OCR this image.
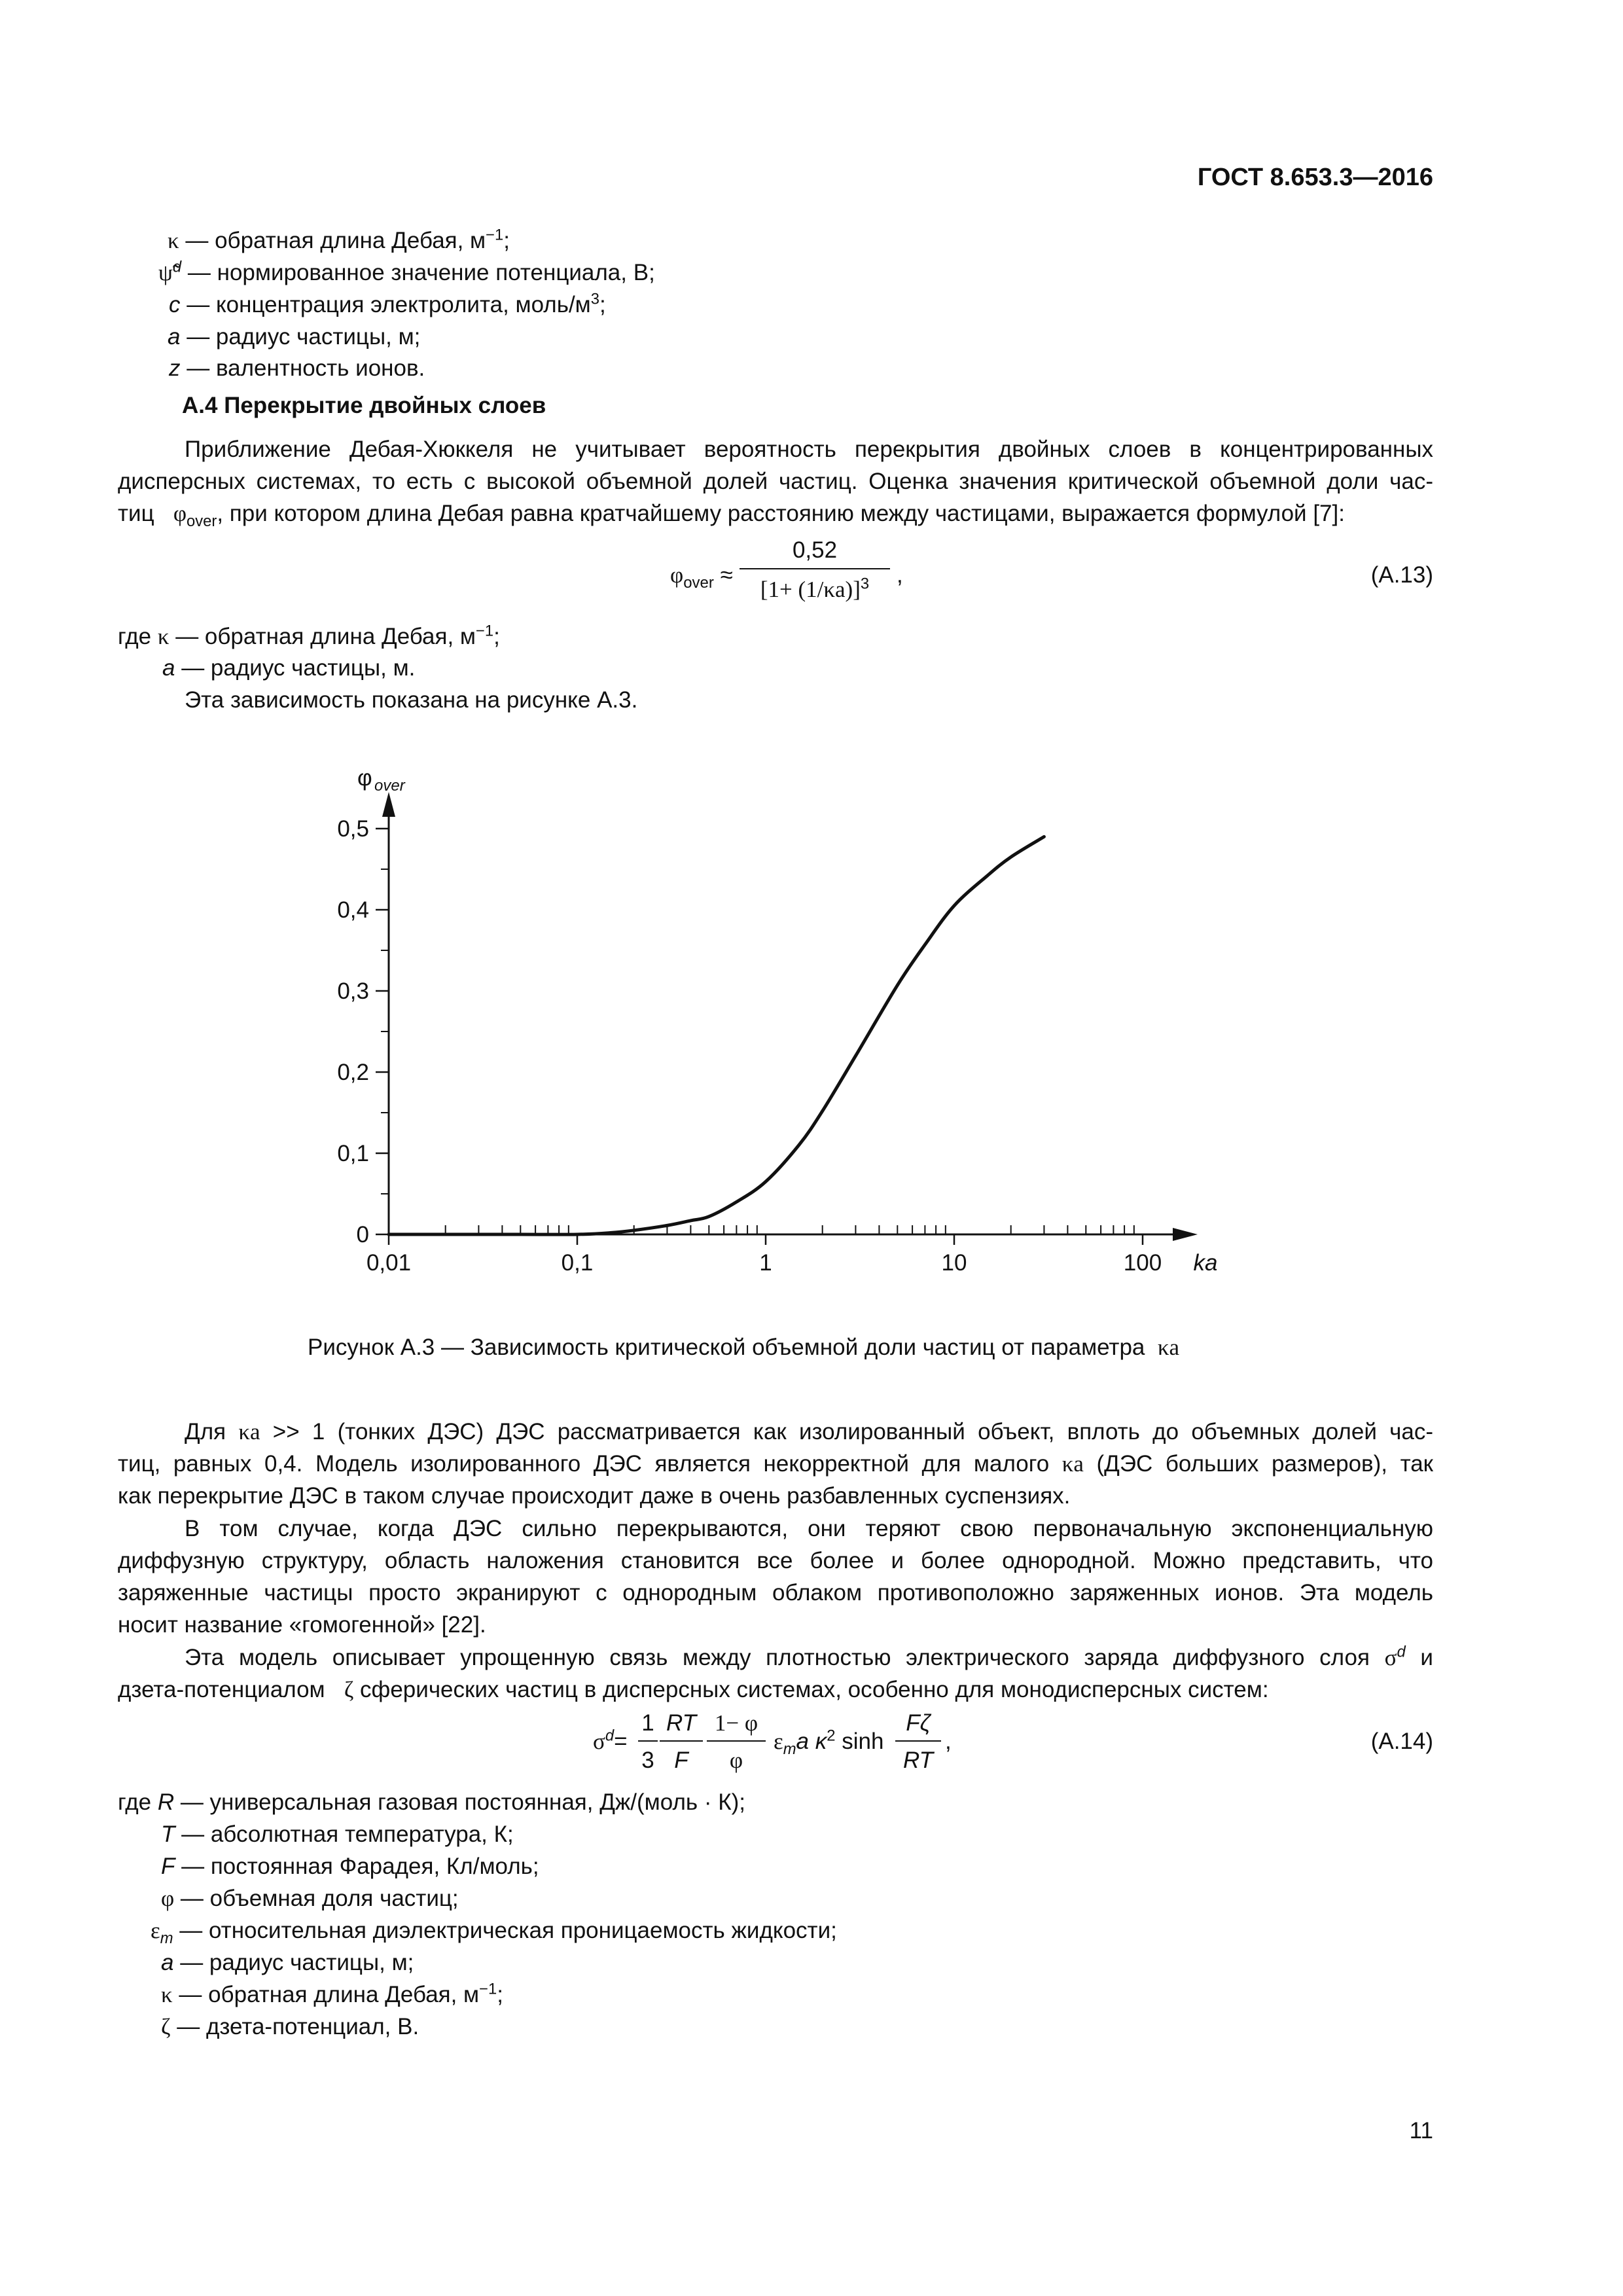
ГОСТ 8.653.3—2016
κ — обратная длина Дебая, $м^{-1}$;
ψ̃$^d$ — нормированное значение потенциала, В;
c — концентрация электролита, моль/$м^3$;
a — радиус частицы, м;
z — валентность ионов.
А.4 Перекрытие двойных слоев
Приближение Дебая-Хюккеля не учитывает вероятность перекрытия двойных слоев в концентрированных
дисперсных системах, то есть с высокой объемной долей частиц. Оценка значения критической объемной доли час-
тиц $\varphi_{over}$, при котором длина Дебая равна кратчайшему расстоянию между частицами, выражается формулой [7]:
$\varphi_{over}$ ≈
0,52
$[1+ (1/\kappa a)]^3$	,	(А.13)
где κ — обратная длина Дебая, $м^{-1}$;
a — радиус частицы, м.
Эта зависимость показана на рисунке А.3.
0
0,1
0,2
0,3
0,4
0,5
0,01	0,1	1	10	100 ka
φ over
Рисунок А.3 — Зависимость критической объемной доли частиц от параметра κa
Для κa >> 1 (тонких ДЭС) ДЭС рассматривается как изолированный объект, вплоть до объемных долей час-
тиц, равных 0,4. Модель изолированного ДЭС является некорректной для малого κa (ДЭС больших размеров), так
как перекрытие ДЭС в таком случае происходит даже в очень разбавленных суспензиях.
В том случае, когда ДЭС сильно перекрываются, они теряют свою первоначальную экспоненциальную
диффузную структуру, область наложения становится все более и более однородной. Можно представить, что
заряженные частицы просто экранируют с однородным облаком противоположно заряженных ионов. Эта модель
носит название «гомогенной» [22].
Эта модель описывает упрощенную связь между плотностью электрического заряда диффузного слоя $\sigma^d$ и
дзета-потенциалом ζ сферических частиц в дисперсных системах, особенно для монодисперсных систем:
$\sigma^d=$
1
3
RT
F
1− φ
φ
$\varepsilon_ma$ $\kappa^2$ sinh
Fζ
RT
,	(А.14)
где R — универсальная газовая постоянная, Дж/(моль · К);
T — абсолютная температура, К;
F — постоянная Фарадея, Кл/моль;
φ — объемная доля частиц;
$\varepsilon_m$ — относительная диэлектрическая проницаемость жидкости;
a — радиус частицы, м;
κ — обратная длина Дебая, $м^{-1}$;
ζ — дзета-потенциал, В.
11
